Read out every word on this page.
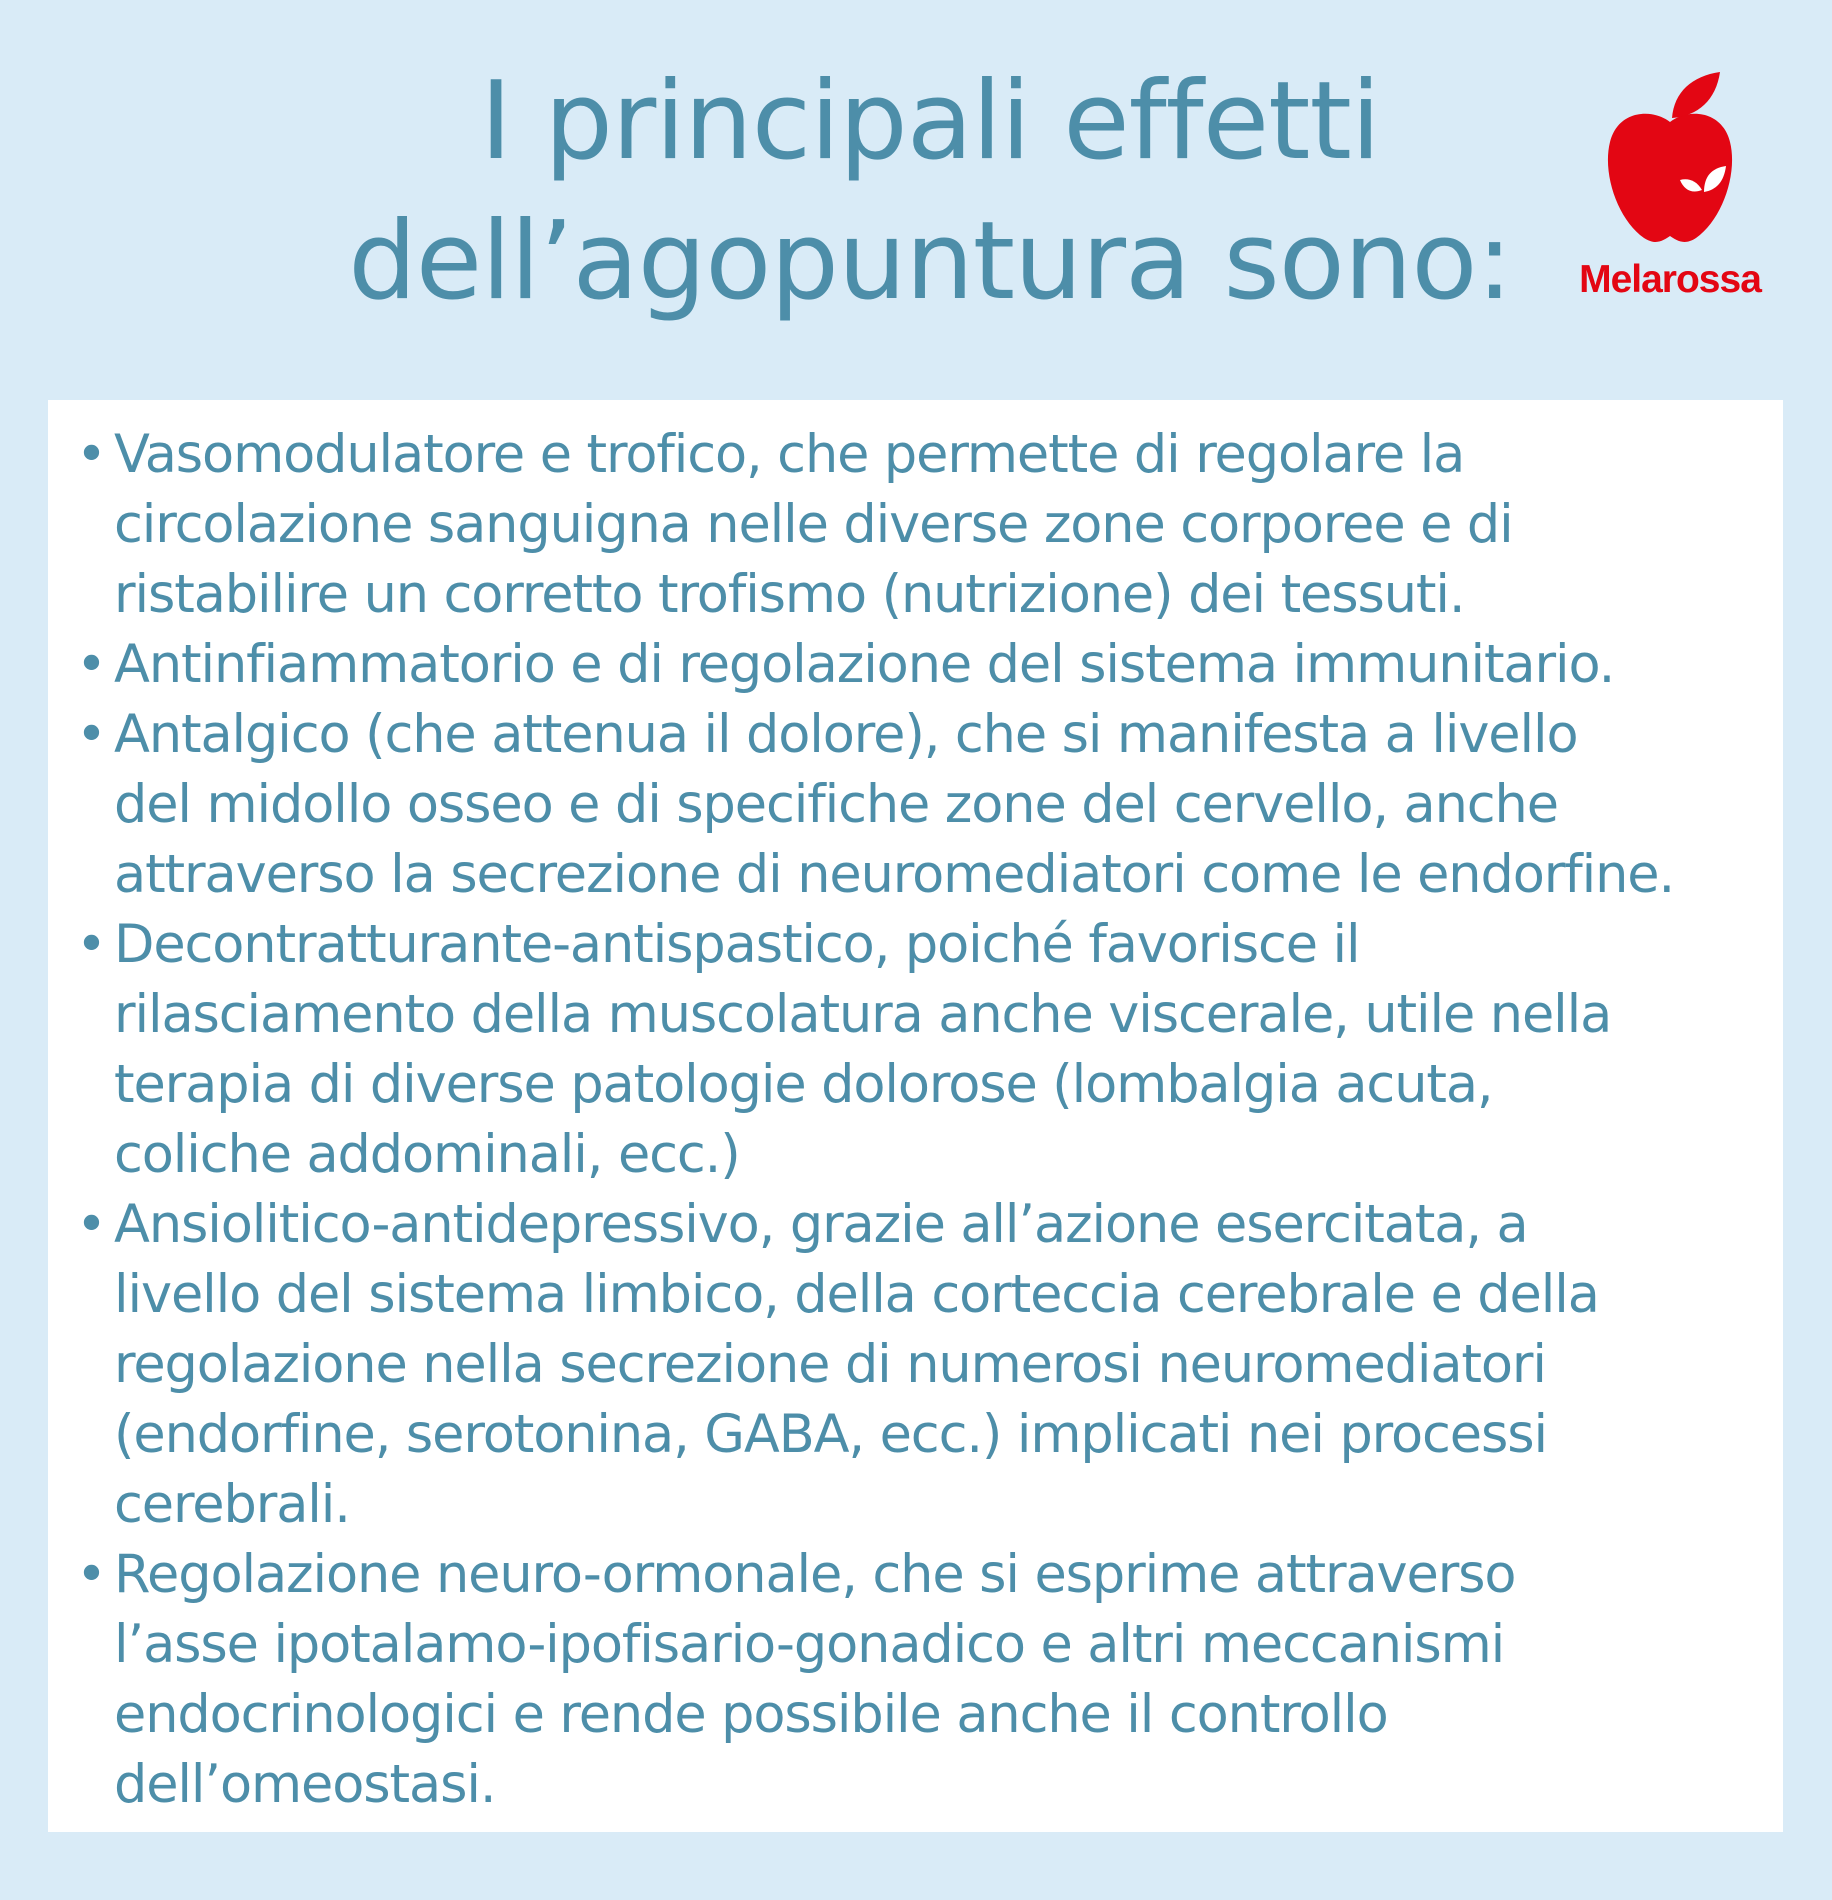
I principali effetti
dell’agopuntura sono:	Melarossa
• Vasomodulatore e trofico, che permette di regolare la
circolazione sanguigna nelle diverse zone corporee e di
ristabilire un corretto trofismo (nutrizione) dei tessuti.
• Antinfiammatorio e di regolazione del sistema immunitario.
• Antalgico (che attenua il dolore), che si manifesta a livello
del midollo osseo e di specifiche zone del cervello, anche
attraverso la secrezione di neuromediatori come le endorfine.
• Decontratturante-antispastico, poiché favorisce il
rilasciamento della muscolatura anche viscerale, utile nella
terapia di diverse patologie dolorose (lombalgia acuta,
coliche addominali, ecc.)
• Ansiolitico-antidepressivo, grazie all’azione esercitata, a
livello del sistema limbico, della corteccia cerebrale e della
regolazione nella secrezione di numerosi neuromediatori
(endorfine, serotonina, GABA, ecc.) implicati nei processi
cerebrali.
• Regolazione neuro-ormonale, che si esprime attraverso
l’asse ipotalamo-ipofisario-gonadico e altri meccanismi
endocrinologici e rende possibile anche il controllo
dell’omeostasi.
